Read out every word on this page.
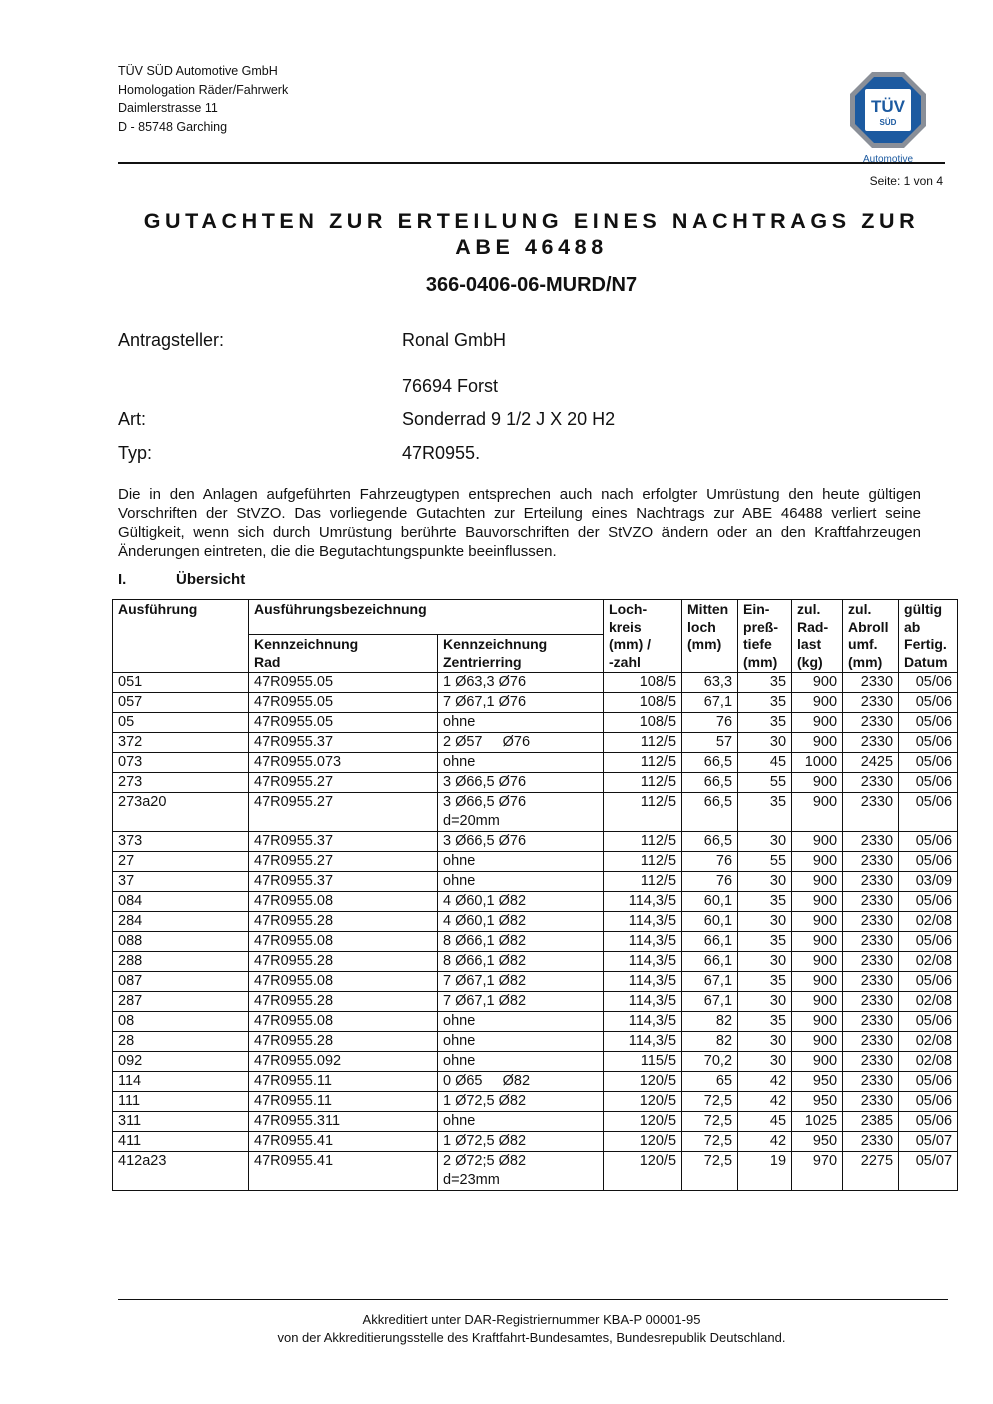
TÜV SÜD Automotive GmbH
Homologation Räder/Fahrwerk
Daimlerstrasse 11
D - 85748 Garching
TÜV
SÜD
Automotive
Seite: 1 von 4
GUTACHTEN ZUR ERTEILUNG EINES NACHTRAGS ZUR
ABE 46488
366-0406-06-MURD/N7
Antragsteller:	Ronal GmbH
76694 Forst
Art:	Sonderrad 9 1/2 J X 20 H2
Typ:	47R0955.
Die in den Anlagen aufgeführten Fahrzeugtypen entsprechen auch nach erfolgter Umrüstung den heute gültigen Vorschriften der StVZO. Das vorliegende Gutachten zur Erteilung eines Nachtrags zur ABE 46488 verliert seine Gültigkeit, wenn sich durch Umrüstung berührte Bauvorschriften der StVZO ändern oder an den Kraftfahrzeugen Änderungen eintreten, die die Begutachtungspunkte beeinflussen.
I.	Übersicht
Ausführung	Ausführungsbezeichnung		Loch-
kreis
(mm) /
-zahl	Mitten
loch
(mm)	Ein-
preß-
tiefe
(mm)	zul.
Rad-
last
(kg)	zul.
Abroll
umf.
(mm)	gültig
ab
Fertig.
Datum
	Kennzeichnung
Rad	Kennzeichnung
Zentrierring						
051	47R0955.05	1 Ø63,3 Ø76	108/5	63,3	35	900	2330	05/06
057	47R0955.05	7 Ø67,1 Ø76	108/5	67,1	35	900	2330	05/06
05	47R0955.05	ohne	108/5	76	35	900	2330	05/06
372	47R0955.37	2 Ø57     Ø76	112/5	57	30	900	2330	05/06
073	47R0955.073	ohne	112/5	66,5	45	1000	2425	05/06
273	47R0955.27	3 Ø66,5 Ø76	112/5	66,5	55	900	2330	05/06
273a20	47R0955.27	3 Ø66,5 Ø76
d=20mm	112/5	66,5	35	900	2330	05/06
373	47R0955.37	3 Ø66,5 Ø76	112/5	66,5	30	900	2330	05/06
27	47R0955.27	ohne	112/5	76	55	900	2330	05/06
37	47R0955.37	ohne	112/5	76	30	900	2330	03/09
084	47R0955.08	4 Ø60,1 Ø82	114,3/5	60,1	35	900	2330	05/06
284	47R0955.28	4 Ø60,1 Ø82	114,3/5	60,1	30	900	2330	02/08
088	47R0955.08	8 Ø66,1 Ø82	114,3/5	66,1	35	900	2330	05/06
288	47R0955.28	8 Ø66,1 Ø82	114,3/5	66,1	30	900	2330	02/08
087	47R0955.08	7 Ø67,1 Ø82	114,3/5	67,1	35	900	2330	05/06
287	47R0955.28	7 Ø67,1 Ø82	114,3/5	67,1	30	900	2330	02/08
08	47R0955.08	ohne	114,3/5	82	35	900	2330	05/06
28	47R0955.28	ohne	114,3/5	82	30	900	2330	02/08
092	47R0955.092	ohne	115/5	70,2	30	900	2330	02/08
114	47R0955.11	0 Ø65     Ø82	120/5	65	42	950	2330	05/06
111	47R0955.11	1 Ø72,5 Ø82	120/5	72,5	42	950	2330	05/06
311	47R0955.311	ohne	120/5	72,5	45	1025	2385	05/06
411	47R0955.41	1 Ø72,5 Ø82	120/5	72,5	42	950	2330	05/07
412a23	47R0955.41	2 Ø72;5 Ø82
d=23mm	120/5	72,5	19	970	2275	05/07
Akkreditiert unter DAR-Registriernummer KBA-P 00001-95
von der Akkreditierungsstelle des Kraftfahrt-Bundesamtes, Bundesrepublik Deutschland.
